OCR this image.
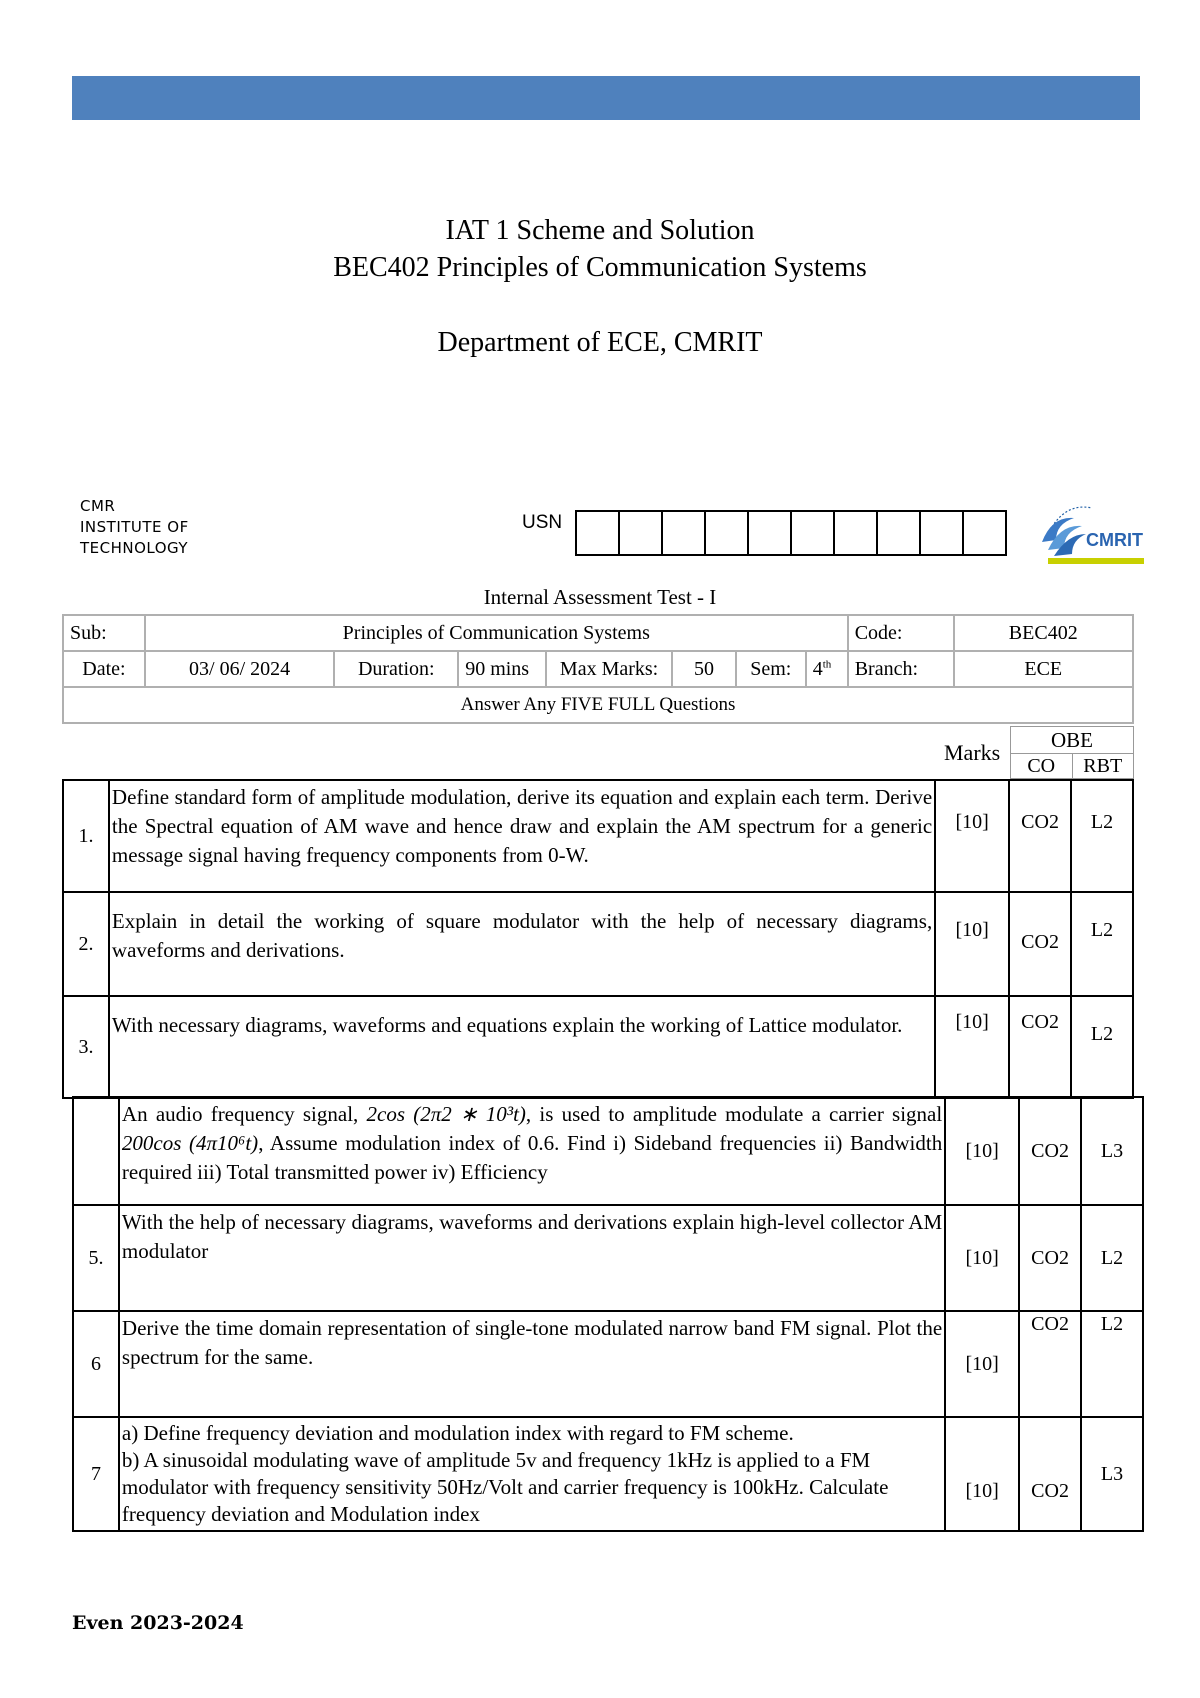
IAT 1 Scheme and Solution
BEC402 Principles of Communication Systems
Department of ECE, CMRIT
CMR
INSTITUTE OF
TECHNOLOGY
USN
CMRIT
Internal Assessment Test - I
Sub:	Principles of Communication Systems							Code:	BEC402
Date:	03/ 06/ 2024	Duration:	90 mins	Max Marks:	50	Sem:	4th	Branch:	ECE
Answer Any FIVE FULL Questions									
Marks
OBE
CO	RBT
1.	Define standard form of amplitude modulation, derive its equation and explain each term. Derive the Spectral equation of AM wave and hence draw and explain the AM spectrum for a generic message signal having frequency components from 0-W.	[10]	CO2	L2
2.	Explain in detail the working of square modulator with the help of necessary diagrams, waveforms and derivations.	[10]	CO2	L2
3.	With necessary diagrams, waveforms and equations explain the working of Lattice modulator.	[10]	CO2	L2
	An audio frequency signal, 2cos (2π2 ∗ 10³t), is used to amplitude modulate a carrier signal 200cos (4π10⁶t), Assume modulation index of 0.6. Find i) Sideband frequencies ii) Bandwidth required iii) Total transmitted power iv) Efficiency	[10]	CO2	L3
5.	With the help of necessary diagrams, waveforms and derivations explain high-level collector AM modulator	[10]	CO2	L2
6	Derive the time domain representation of single-tone modulated narrow band FM signal. Plot the spectrum for the same.	[10]	CO2	L2
7	a) Define frequency deviation and modulation index with regard to FM scheme.
b) A sinusoidal modulating wave of amplitude 5v and frequency 1kHz is applied to a FM modulator with frequency sensitivity 50Hz/Volt and carrier frequency is 100kHz. Calculate frequency deviation and Modulation index	[10]	CO2	L3
Even 2023-2024
